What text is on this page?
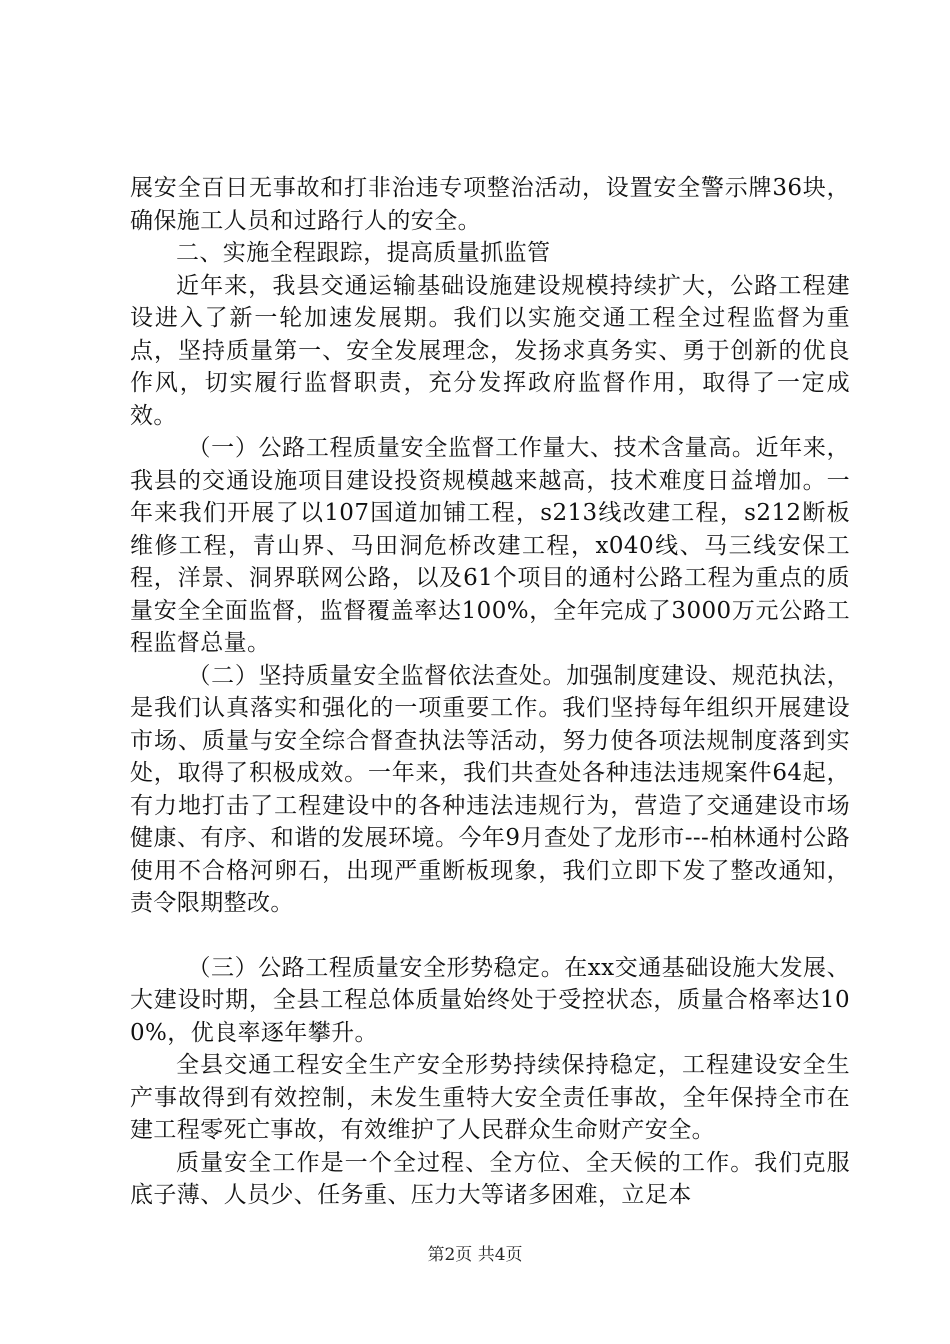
展安全百日无事故和打非治违专项整治活动，设置安全警示牌36块，确保施工人员和过路行人的安全。

二、实施全程跟踪，提高质量抓监管

近年来，我县交通运输基础设施建设规模持续扩大，公路工程建设进入了新一轮加速发展期。我们以实施交通工程全过程监督为重点，坚持质量第一、安全发展理念，发扬求真务实、勇于创新的优良作风，切实履行监督职责，充分发挥政府监督作用，取得了一定成效。

（一）公路工程质量安全监督工作量大、技术含量高。近年来，我县的交通设施项目建设投资规模越来越高，技术难度日益增加。一年来我们开展了以107国道加铺工程，s213线改建工程，s212断板维修工程，青山界、马田洞危桥改建工程，x040线、马三线安保工程，洋景、洞界联网公路，以及61个项目的通村公路工程为重点的质量安全全面监督，监督覆盖率达100%，全年完成了3000万元公路工程监督总量。

（二）坚持质量安全监督依法查处。加强制度建设、规范执法，是我们认真落实和强化的一项重要工作。我们坚持每年组织开展建设市场、质量与安全综合督查执法等活动，努力使各项法规制度落到实处，取得了积极成效。一年来，我们共查处各种违法违规案件64起，有力地打击了工程建设中的各种违法违规行为，营造了交通建设市场健康、有序、和谐的发展环境。今年9月查处了龙形市---柏林通村公路使用不合格河卵石，出现严重断板现象，我们立即下发了整改通知，责令限期整改。

（三）公路工程质量安全形势稳定。在xx交通基础设施大发展、大建设时期，全县工程总体质量始终处于受控状态，质量合格率达100%，优良率逐年攀升。

全县交通工程安全生产安全形势持续保持稳定，工程建设安全生产事故得到有效控制，未发生重特大安全责任事故，全年保持全市在建工程零死亡事故，有效维护了人民群众生命财产安全。

质量安全工作是一个全过程、全方位、全天候的工作。我们克服底子薄、人员少、任务重、压力大等诸多困难，立足本

第2页 共4页
